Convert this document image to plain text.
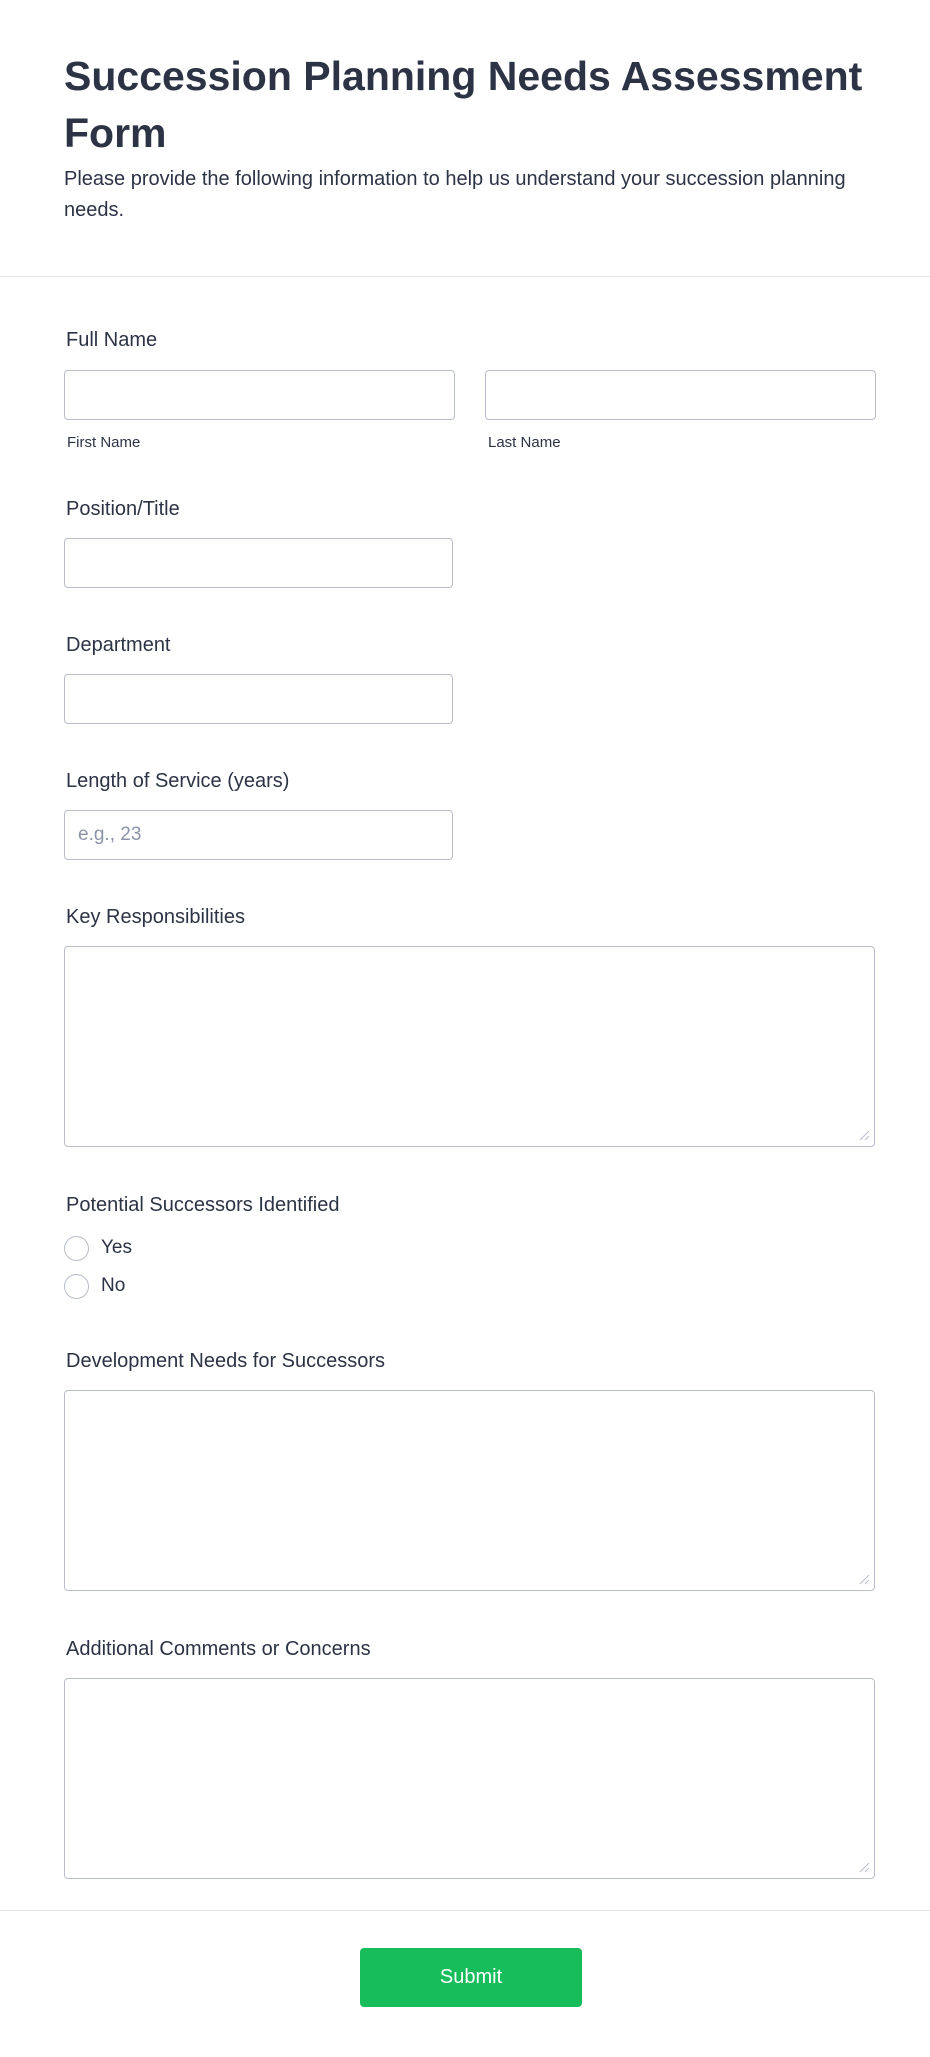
Succession Planning Needs Assessment Form

Please provide the following information to help us understand your succession planning needs.

Full Name
First Name	Last Name
Position/Title
Department
Length of Service (years)
e.g., 23
Key Responsibilities
Potential Successors Identified
Yes
No
Development Needs for Successors
Additional Comments or Concerns
Submit
